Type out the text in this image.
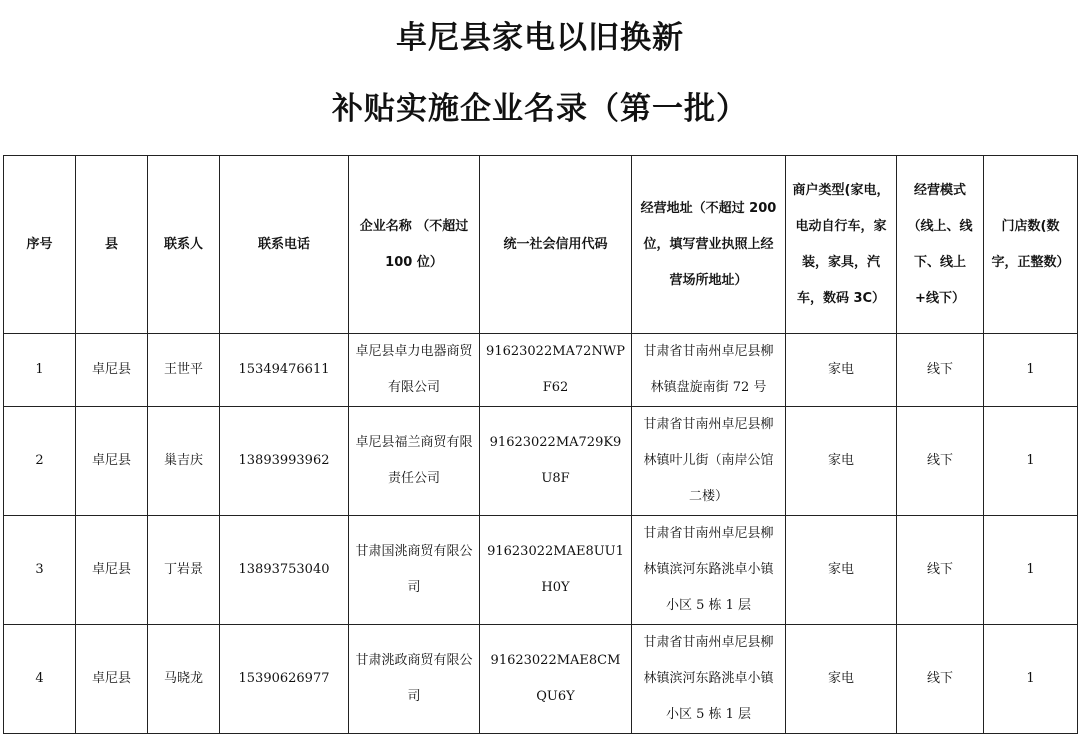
卓尼县家电以旧换新
补贴实施企业名录（第一批）
序号	县	联系人	联系电话	企业名称 （不超过 100 位）	统一社会信用代码	经营地址（不超过 200 位，填写营业执照上经营场所地址）	商户类型(家电，电动自行车，家装，家具，汽车，数码 3C）	经营模式（线上、线下、线上+线下）	门店数(数字，正整数）
1	卓尼县	王世平	15349476611	卓尼县卓力电器商贸有限公司	91623022MA72NWPF62	甘肃省甘南州卓尼县柳林镇盘旋南街 72 号	家电	线下	1
2	卓尼县	巢吉庆	13893993962	卓尼县福兰商贸有限责任公司	91623022MA729K9U8F	甘肃省甘南州卓尼县柳林镇叶儿街（南岸公馆二楼）	家电	线下	1
3	卓尼县	丁岩景	13893753040	甘肃国洮商贸有限公司	91623022MAE8UU1H0Y	甘肃省甘南州卓尼县柳林镇滨河东路洮卓小镇小区 5 栋 1 层	家电	线下	1
4	卓尼县	马晓龙	15390626977	甘肃洮政商贸有限公司	91623022MAE8CMQU6Y	甘肃省甘南州卓尼县柳林镇滨河东路洮卓小镇小区 5 栋 1 层	家电	线下	1
